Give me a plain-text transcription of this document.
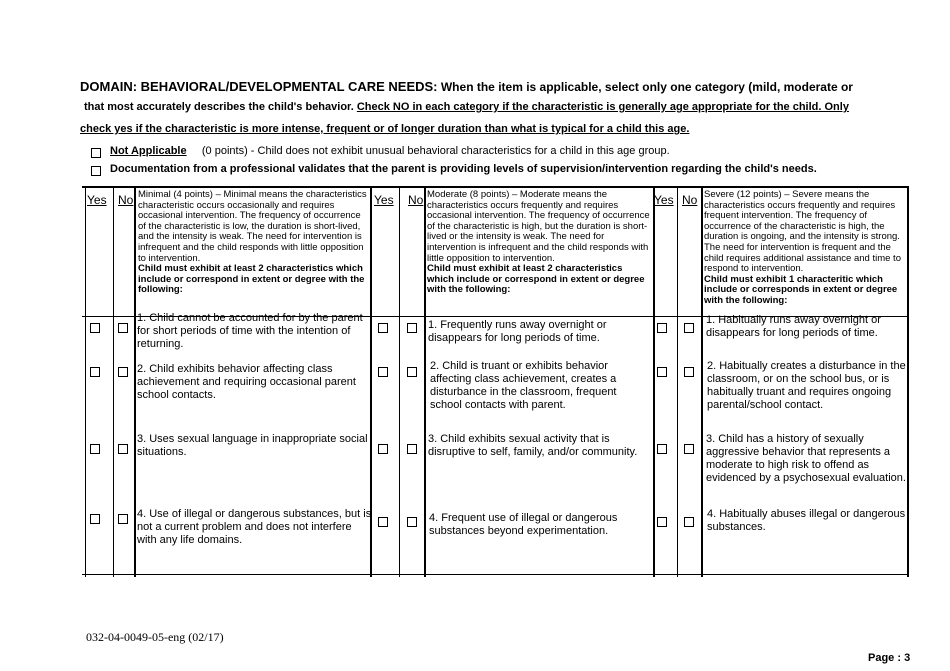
DOMAIN: BEHAVIORAL/DEVELOPMENTAL CARE NEEDS: When the item is applicable, select only one category (mild, moderate or
that most accurately describes the child's behavior. Check NO in each category if the characteristic is generally age appropriate for the child. Only
check yes if the characteristic is more intense, frequent or of longer duration than what is typical for a child this age.
Not Applicable (0 points) - Child does not exhibit unusual behavioral characteristics for a child in this age group.
Documentation from a professional validates that the parent is providing levels of supervision/intervention regarding the child's needs.
Yes No	Yes No	Yes No
Minimal (4 points) – Minimal means the characteristics characteristic occurs occasionally and requires occasional intervention. The frequency of occurrence of the characteristic is low, the duration is short-lived, and the intensity is weak. The need for intervention is infrequent and the child responds with little opposition to intervention.
Child must exhibit at least 2 characteristics which include or correspond in extent or degree with the following:
Moderate (8 points) – Moderate means the characteristics occurs frequently and requires occasional intervention. The frequency of occurrence of the characteristic is high, but the duration is short-lived or the intensity is weak. The need for intervention is infrequent and the child responds with little opposition to intervention.
Child must exhibit at least 2 characteristics which include or correspond in extent or degree with the following:
Severe (12 points) – Severe means the characteristics occurs frequently and requires frequent intervention. The frequency of occurrence of the characteristic is high, the duration is ongoing, and the intensity is strong. The need for intervention is frequent and the child requires additional assistance and time to respond to intervention.
Child must exhibit 1 characteritic which include or corresponds in extent or degree with the following:
1. Child cannot be accounted for by the parent for short periods of time with the intention of returning.
1. Frequently runs away overnight or disappears for long periods of time.
1. Habitually runs away overnight or disappears for long periods of time.
2. Child exhibits behavior affecting class achievement and requiring occasional parent school contacts.
2. Child is truant or exhibits behavior affecting class achievement, creates a disturbance in the classroom, frequent school contacts with parent.
2. Habitually creates a disturbance in the classroom, or on the school bus, or is habitually truant and requires ongoing parental/school contact.
3. Uses sexual language in inappropriate social situations.
3. Child exhibits sexual activity that is disruptive to self, family, and/or community.
3. Child has a history of sexually aggressive behavior that represents a moderate to high risk to offend as evidenced by a psychosexual evaluation.
4. Use of illegal or dangerous substances, but is not a current problem and does not interfere with any life domains.
4. Frequent use of illegal or dangerous substances beyond experimentation.
4. Habitually abuses illegal or dangerous substances.
032-04-0049-05-eng (02/17)
Page : 3
